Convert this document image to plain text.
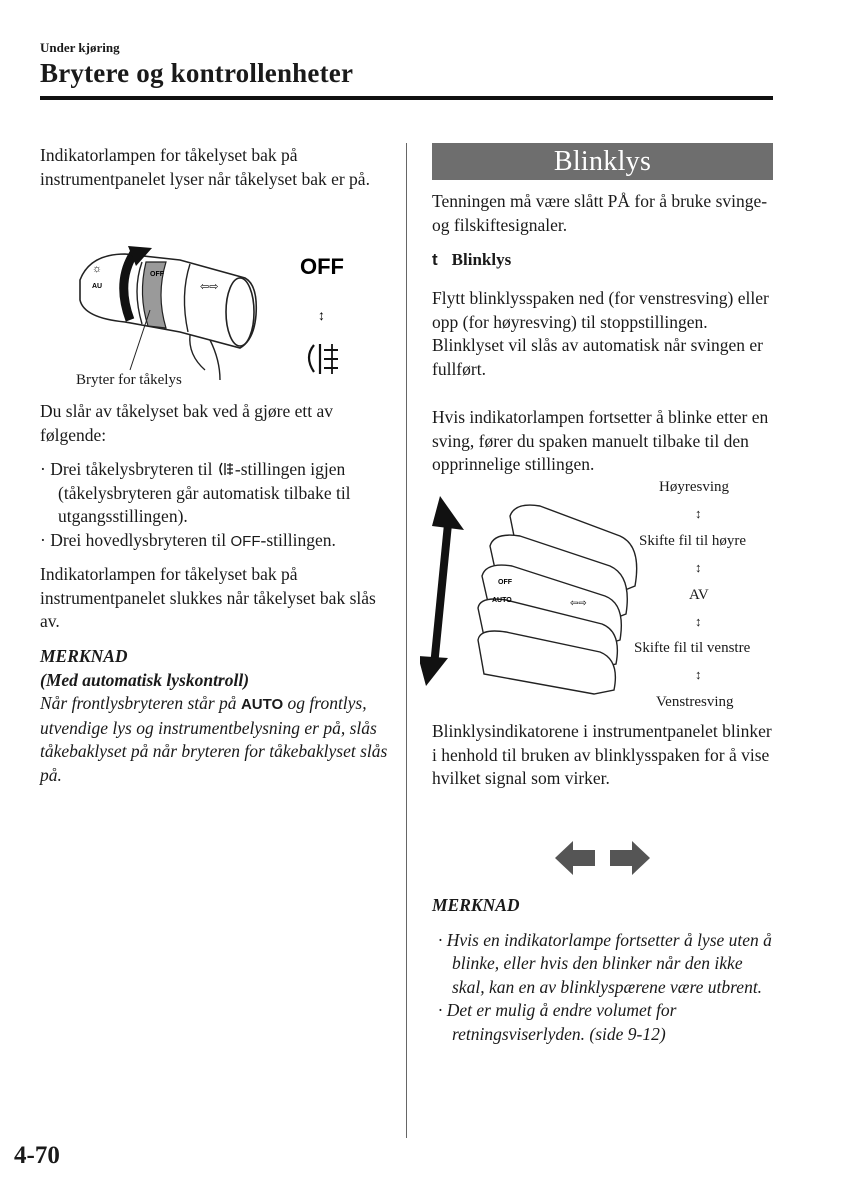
Under kjøring
Brytere og kontrollenheter

Indikatorlampen for tåkelyset bak på instrumentpanelet lyser når tåkelyset bak er på.

☼
AU
OFF
⇦⇨
OFF
↕
Bryter for tåkelys

Du slår av tåkelyset bak ved å gjøre ett av følgende:

· Drei tåkelysbryteren til -stillingen igjen (tåkelysbryteren går automatisk tilbake til utgangsstillingen).

· Drei hovedlysbryteren til OFF-stillingen.

Indikatorlampen for tåkelyset bak på instrumentpanelet slukkes når tåkelyset bak slås av.

MERKNAD

(Med automatisk lyskontroll)

Når frontlysbryteren står på AUTO og frontlys, utvendige lys og instrumentbelysning er på, slås tåkebaklyset på når bryteren for tåkebaklyset slås på.

Blinklys

Tenningen må være slått PÅ for å bruke svinge- og filskiftesignaler.

t Blinklys

Flytt blinklysspaken ned (for venstresving) eller opp (for høyresving) til stoppstillingen. Blinklyset vil slås av automatisk når svingen er fullført.

Hvis indikatorlampen fortsetter å blinke etter en sving, fører du spaken manuelt tilbake til den opprinnelige stillingen.

OFF
AUTO	⇦⇨
Høyresving
↕
Skifte fil til høyre
↕
AV
↕
Skifte fil til venstre
↕
Venstresving

Blinklysindikatorene i instrumentpanelet blinker i henhold til bruken av blinklysspaken for å vise hvilket signal som virker.

MERKNAD

· Hvis en indikatorlampe fortsetter å lyse uten å blinke, eller hvis den blinker når den ikke skal, kan en av blinklyspærene være utbrent.

· Det er mulig å endre volumet for retningsviserlyden. (side 9-12)

4-70
